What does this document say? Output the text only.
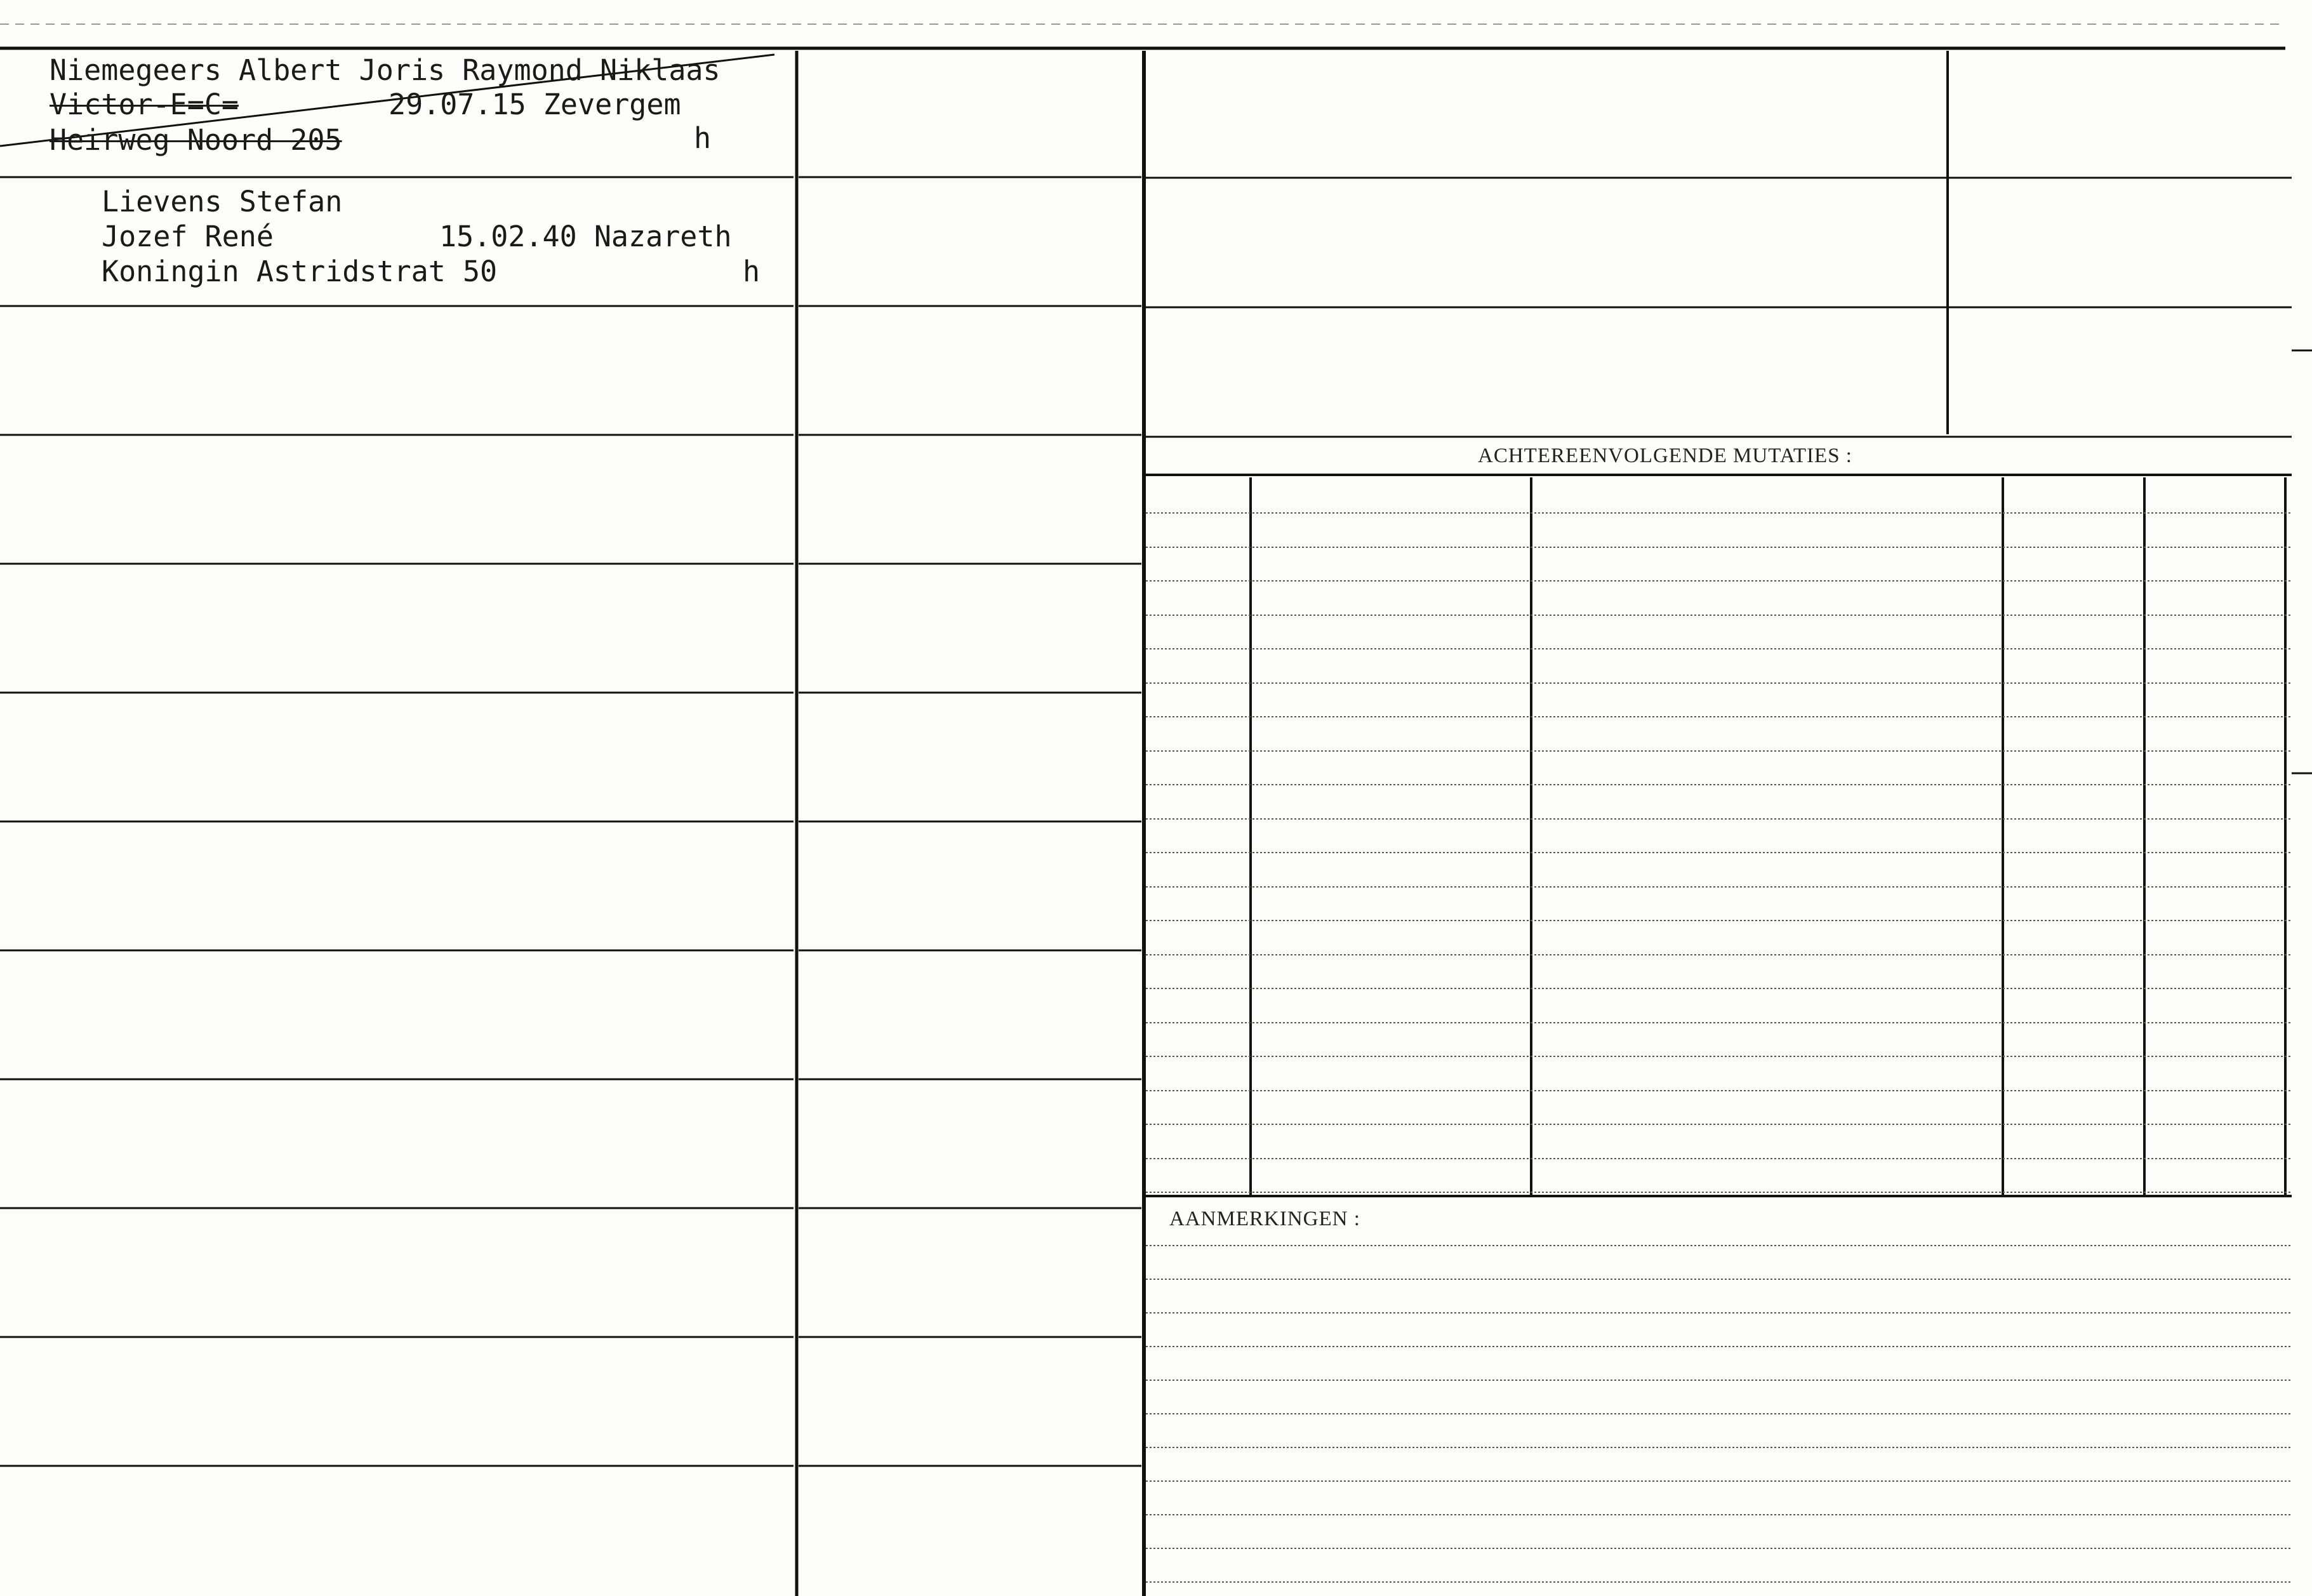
Niemegeers Albert Joris Raymond Niklaas
Victor-E=C=	29.07.15 Zevergem
Heirweg Noord 205	h
Lievens Stefan
Jozef René	15.02.40 Nazareth
Koningin Astridstrat 50	h
ACHTEREENVOLGENDE MUTATIES :
AANMERKINGEN :
